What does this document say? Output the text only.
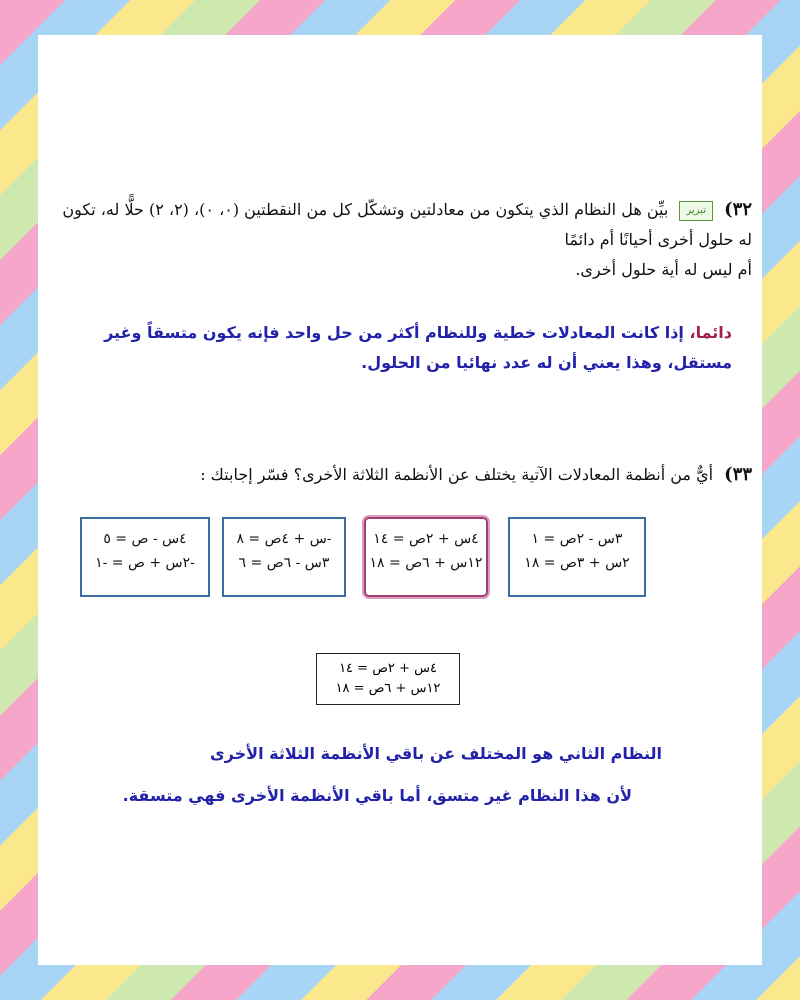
٣٢) تبرير بيِّن هل النظام الذي يتكون من معادلتين وتشكّل كل من النقطتين (٠، ٠)، (٢، ٢) حلًّا له، تكون له حلول أخرى أحيانًا أم دائمًا
أم ليس له أية حلول أخرى.
دائما، إذا كانت المعادلات خطية وللنظام أكثر من حل واحد فإنه يكون متسقاً وغير
مستقل، وهذا يعني أن له عدد نهائيا من الحلول.
٣٣) أيٌّ من أنظمة المعادلات الآتية يختلف عن الأنظمة الثلاثة الأخرى؟ فسّر إجابتك :
٣س - ٢ص = ١
٢س + ٣ص = ١٨
٤س + ٢ص = ١٤
١٢س + ٦ص = ١٨
-س + ٤ص = ٨
٣س - ٦ص = ٦
٤س - ص = ٥
-٢س + ص = -١
٤س + ٢ص = ١٤
١٢س + ٦ص = ١٨
النظام الثاني هو المختلف عن باقي الأنظمة الثلاثة الأخرى
لأن هذا النظام غير متسق، أما باقي الأنظمة الأخرى فهي متسقة.
